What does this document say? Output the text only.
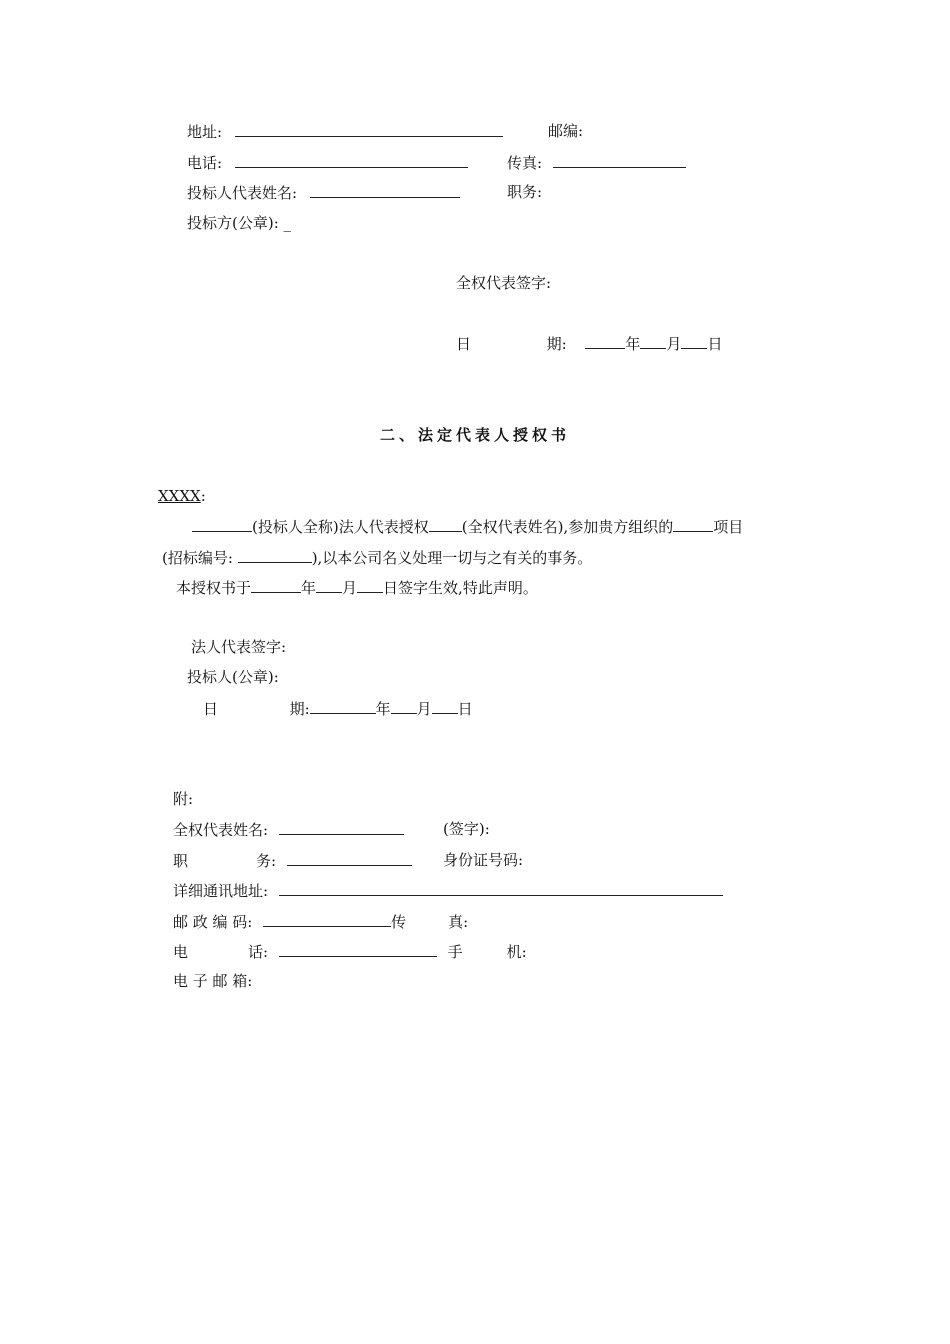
地址:	邮编:
电话:	传真:
投标人代表姓名:	职务:
投标方(公章): _
全权代表签字:
日	期:	年 月 日
二、法定代表人授权书
XXXX:
(投标人全称)法人代表授权 (全权代表姓名),参加贵方组织的	项目
(招标编号:	),以本公司名义处理一切与之有关的事务。
本授权书于	年 月 日签字生效,特此声明。
法人代表签字:
投标人(公章):
日	期:	年 月 日
附:
全权代表姓名:	(签字):
职	务:	身份证号码:
详细通讯地址:
邮 政 编 码:	传	真:
电	话:	手	机:
电 子 邮 箱:
